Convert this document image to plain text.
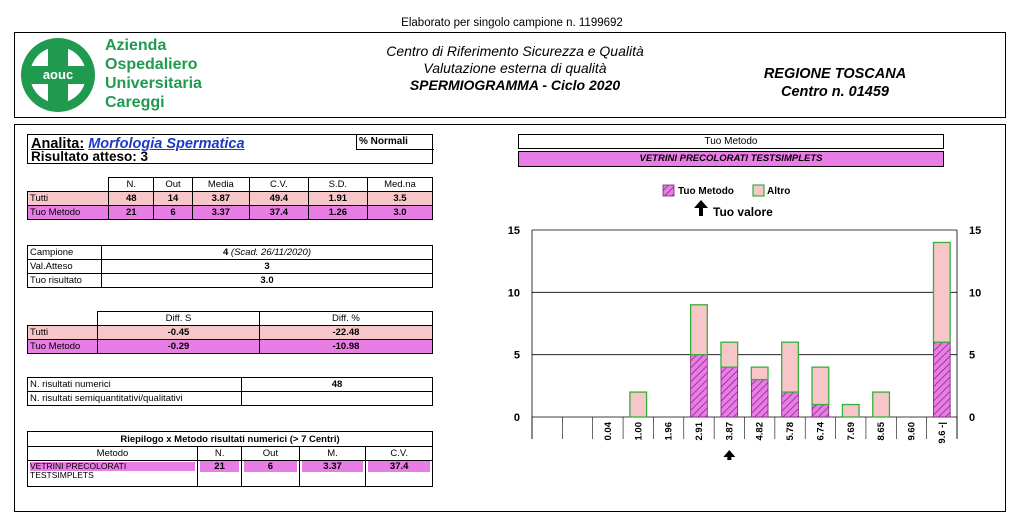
Elaborato per singolo campione n. 1199692
aouc
Azienda
Ospedaliero
Universitaria
Careggi
Centro di Riferimento Sicurezza e Qualità
Valutazione esterna di qualità
SPERMIOGRAMMA - Ciclo 2020
REGIONE TOSCANA
Centro n. 01459
Analita: Morfologia Spermatica	% Normali
Risultato atteso: 3
	N.	Out	Media	C.V.	S.D.	Med.na
Tutti	48	14	3.87	49.4	1.91	3.5
Tuo Metodo	21	6	3.37	37.4	1.26	3.0
Campione	4 (Scad. 26/11/2020)
Val.Atteso	3
Tuo risultato	3.0
	Diff. S	Diff. %
Tutti	-0.45	-22.48
Tuo Metodo	-0.29	-10.98
N. risultati numerici	48
N. risultati semiquantitativi/qualitativi	
Riepilogo x Metodo risultati numerici (> 7 Centri)				
Metodo	N.	Out	M.	C.V.

VETRINI PRECOLORATI
TESTSIMPLETS	21	6	3.37	37.4
Tuo Metodo
VETRINI PRECOLORATI TESTSIMPLETS
Tuo Metodo	Altro
Tuo valore
0	0
5	5
10	10
15	15
0.04 1.00 1.96 2.91 3.87 4.82 5.78 6.74 7.69 8.65 9.60 9.6 -|
